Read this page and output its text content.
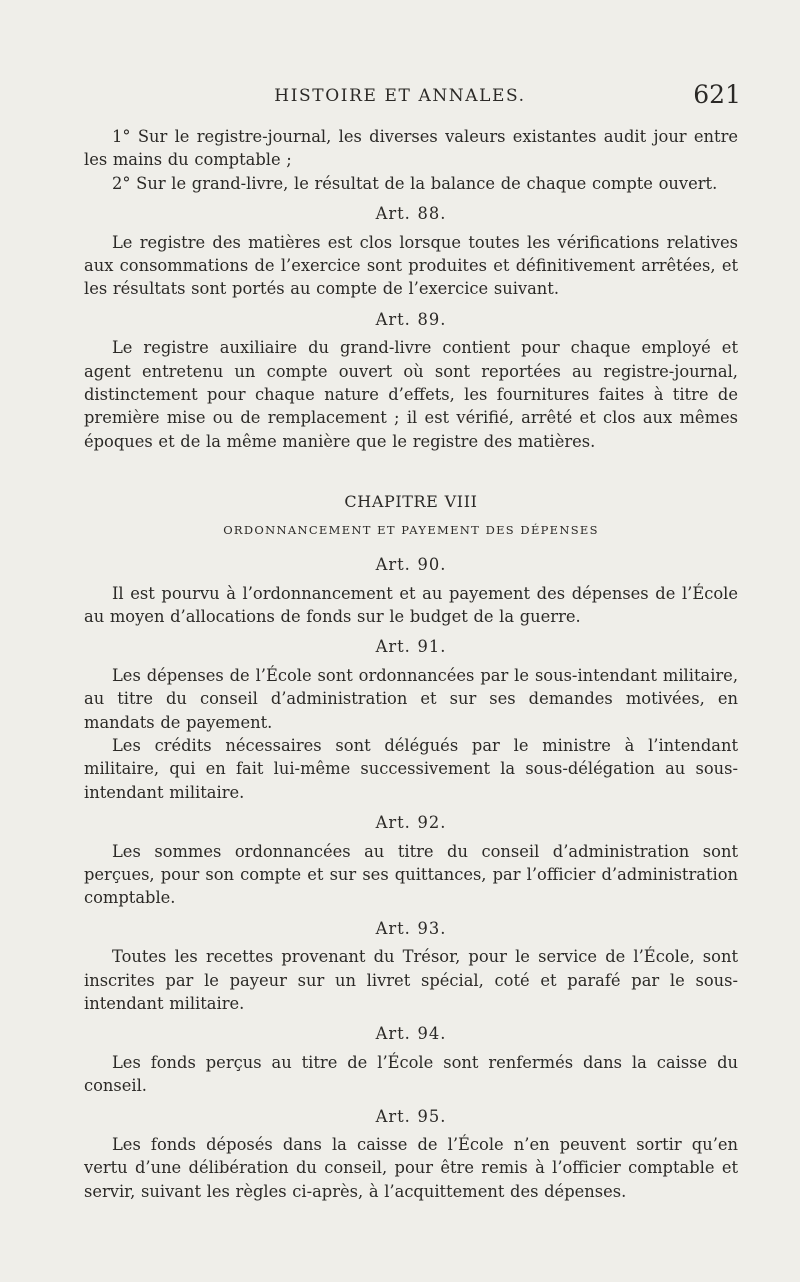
HISTOIRE ET ANNALES.	621

1° Sur le registre-journal, les diverses valeurs existantes audit jour entre les mains du comptable ;

2° Sur le grand-livre, le résultat de la balance de chaque compte ouvert.

Art. 88.

Le registre des matières est clos lorsque toutes les vérifications relatives aux consommations de l’exercice sont produites et définitivement arrêtées, et les résultats sont portés au compte de l’exercice suivant.

Art. 89.

Le registre auxiliaire du grand-livre contient pour chaque employé et agent entretenu un compte ouvert où sont reportées au registre-journal, distinctement pour chaque nature d’effets, les fournitures faites à titre de première mise ou de remplacement ; il est vérifié, arrêté et clos aux mêmes époques et de la même manière que le registre des matières.

CHAPITRE VIII
ORDONNANCEMENT ET PAYEMENT DES DÉPENSES
Art. 90.

Il est pourvu à l’ordonnancement et au payement des dépenses de l’École au moyen d’allocations de fonds sur le budget de la guerre.

Art. 91.

Les dépenses de l’École sont ordonnancées par le sous-intendant militaire, au titre du conseil d’administration et sur ses demandes motivées, en mandats de payement.

Les crédits nécessaires sont délégués par le ministre à l’intendant militaire, qui en fait lui-même successivement la sous-délégation au sous-intendant militaire.

Art. 92.

Les sommes ordonnancées au titre du conseil d’administration sont perçues, pour son compte et sur ses quittances, par l’officier d’administration comptable.

Art. 93.

Toutes les recettes provenant du Trésor, pour le service de l’École, sont inscrites par le payeur sur un livret spécial, coté et parafé par le sous-intendant militaire.

Art. 94.

Les fonds perçus au titre de l’École sont renfermés dans la caisse du conseil.

Art. 95.

Les fonds déposés dans la caisse de l’École n’en peuvent sortir qu’en vertu d’une délibération du conseil, pour être remis à l’officier comptable et servir, suivant les règles ci-après, à l’acquittement des dépenses.
